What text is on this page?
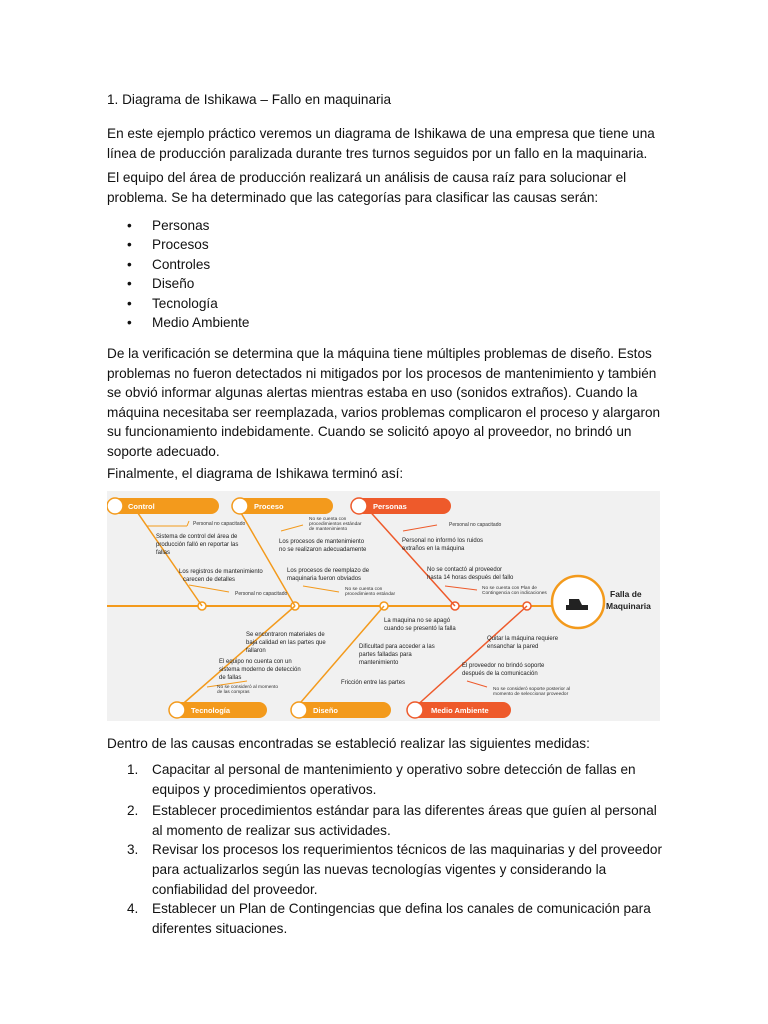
1. Diagrama de Ishikawa – Fallo en maquinaria

En este ejemplo práctico veremos un diagrama de Ishikawa de una empresa que tiene una línea de producción paralizada durante tres turnos seguidos por un fallo en la maquinaria.

El equipo del área de producción realizará un análisis de causa raíz para solucionar el problema. Se ha determinado que las categorías para clasificar las causas serán:

• Personas
• Procesos
• Controles
• Diseño
• Tecnología
• Medio Ambiente

De la verificación se determina que la máquina tiene múltiples problemas de diseño. Estos problemas no fueron detectados ni mitigados por los procesos de mantenimiento y también se obvió informar algunas alertas mientras estaba en uso (sonidos extraños). Cuando la máquina necesitaba ser reemplazada, varios problemas complicaron el proceso y alargaron su funcionamiento indebidamente. Cuando se solicitó apoyo al proveedor, no brindó un soporte adecuado.

Finalmente, el diagrama de Ishikawa terminó así:

Falla de
Maquinaria
Control	Proceso	Personas
Tecnología	Diseño	Medio Ambiente
Personal no capacitado
Sistema de control del área de
producción falló en reportar las
fallas
Los registros de mantenimiento
carecen de detalles
Personal no capacitado
No se cuenta con
procedimientos estándar
de mantenimiento
Los procesos de mantenimiento
no se realizaron adecuadamente
Los procesos de reemplazo de
maquinaria fueron obviados
No se cuenta con
procedimiento estándar
Personal no capacitado
Personal no informó los ruidos
extraños en la máquina
No se contactó al proveedor
hasta 14 horas después del fallo
No se cuenta con Plan de
Contingencia con indicaciones
Se encontraron materiales de
baja calidad en las partes que
fallaron
El equipo no cuenta con un
sistema moderno de detección
de fallas
No se consideró al momento
de las compras
La maquina no se apagó
cuando se presentó la falla
Dificultad para acceder a las
partes falladas para
mantenimiento
Fricción entre las partes
Quitar la máquina requiere
ensanchar la pared
El proveedor no brindó soporte
después de la comunicación
No se consideró soporte posterior al
momento de seleccionar proveedor

Dentro de las causas encontradas se estableció realizar las siguientes medidas:

1. Capacitar al personal de mantenimiento y operativo sobre detección de fallas en equipos y procedimientos operativos.
2. Establecer procedimientos estándar para las diferentes áreas que guíen al personal al momento de realizar sus actividades.
3. Revisar los procesos los requerimientos técnicos de las maquinarias y del proveedor para actualizarlos según las nuevas tecnologías vigentes y considerando la confiabilidad del proveedor.
4. Establecer un Plan de Contingencias que defina los canales de comunicación para diferentes situaciones.
